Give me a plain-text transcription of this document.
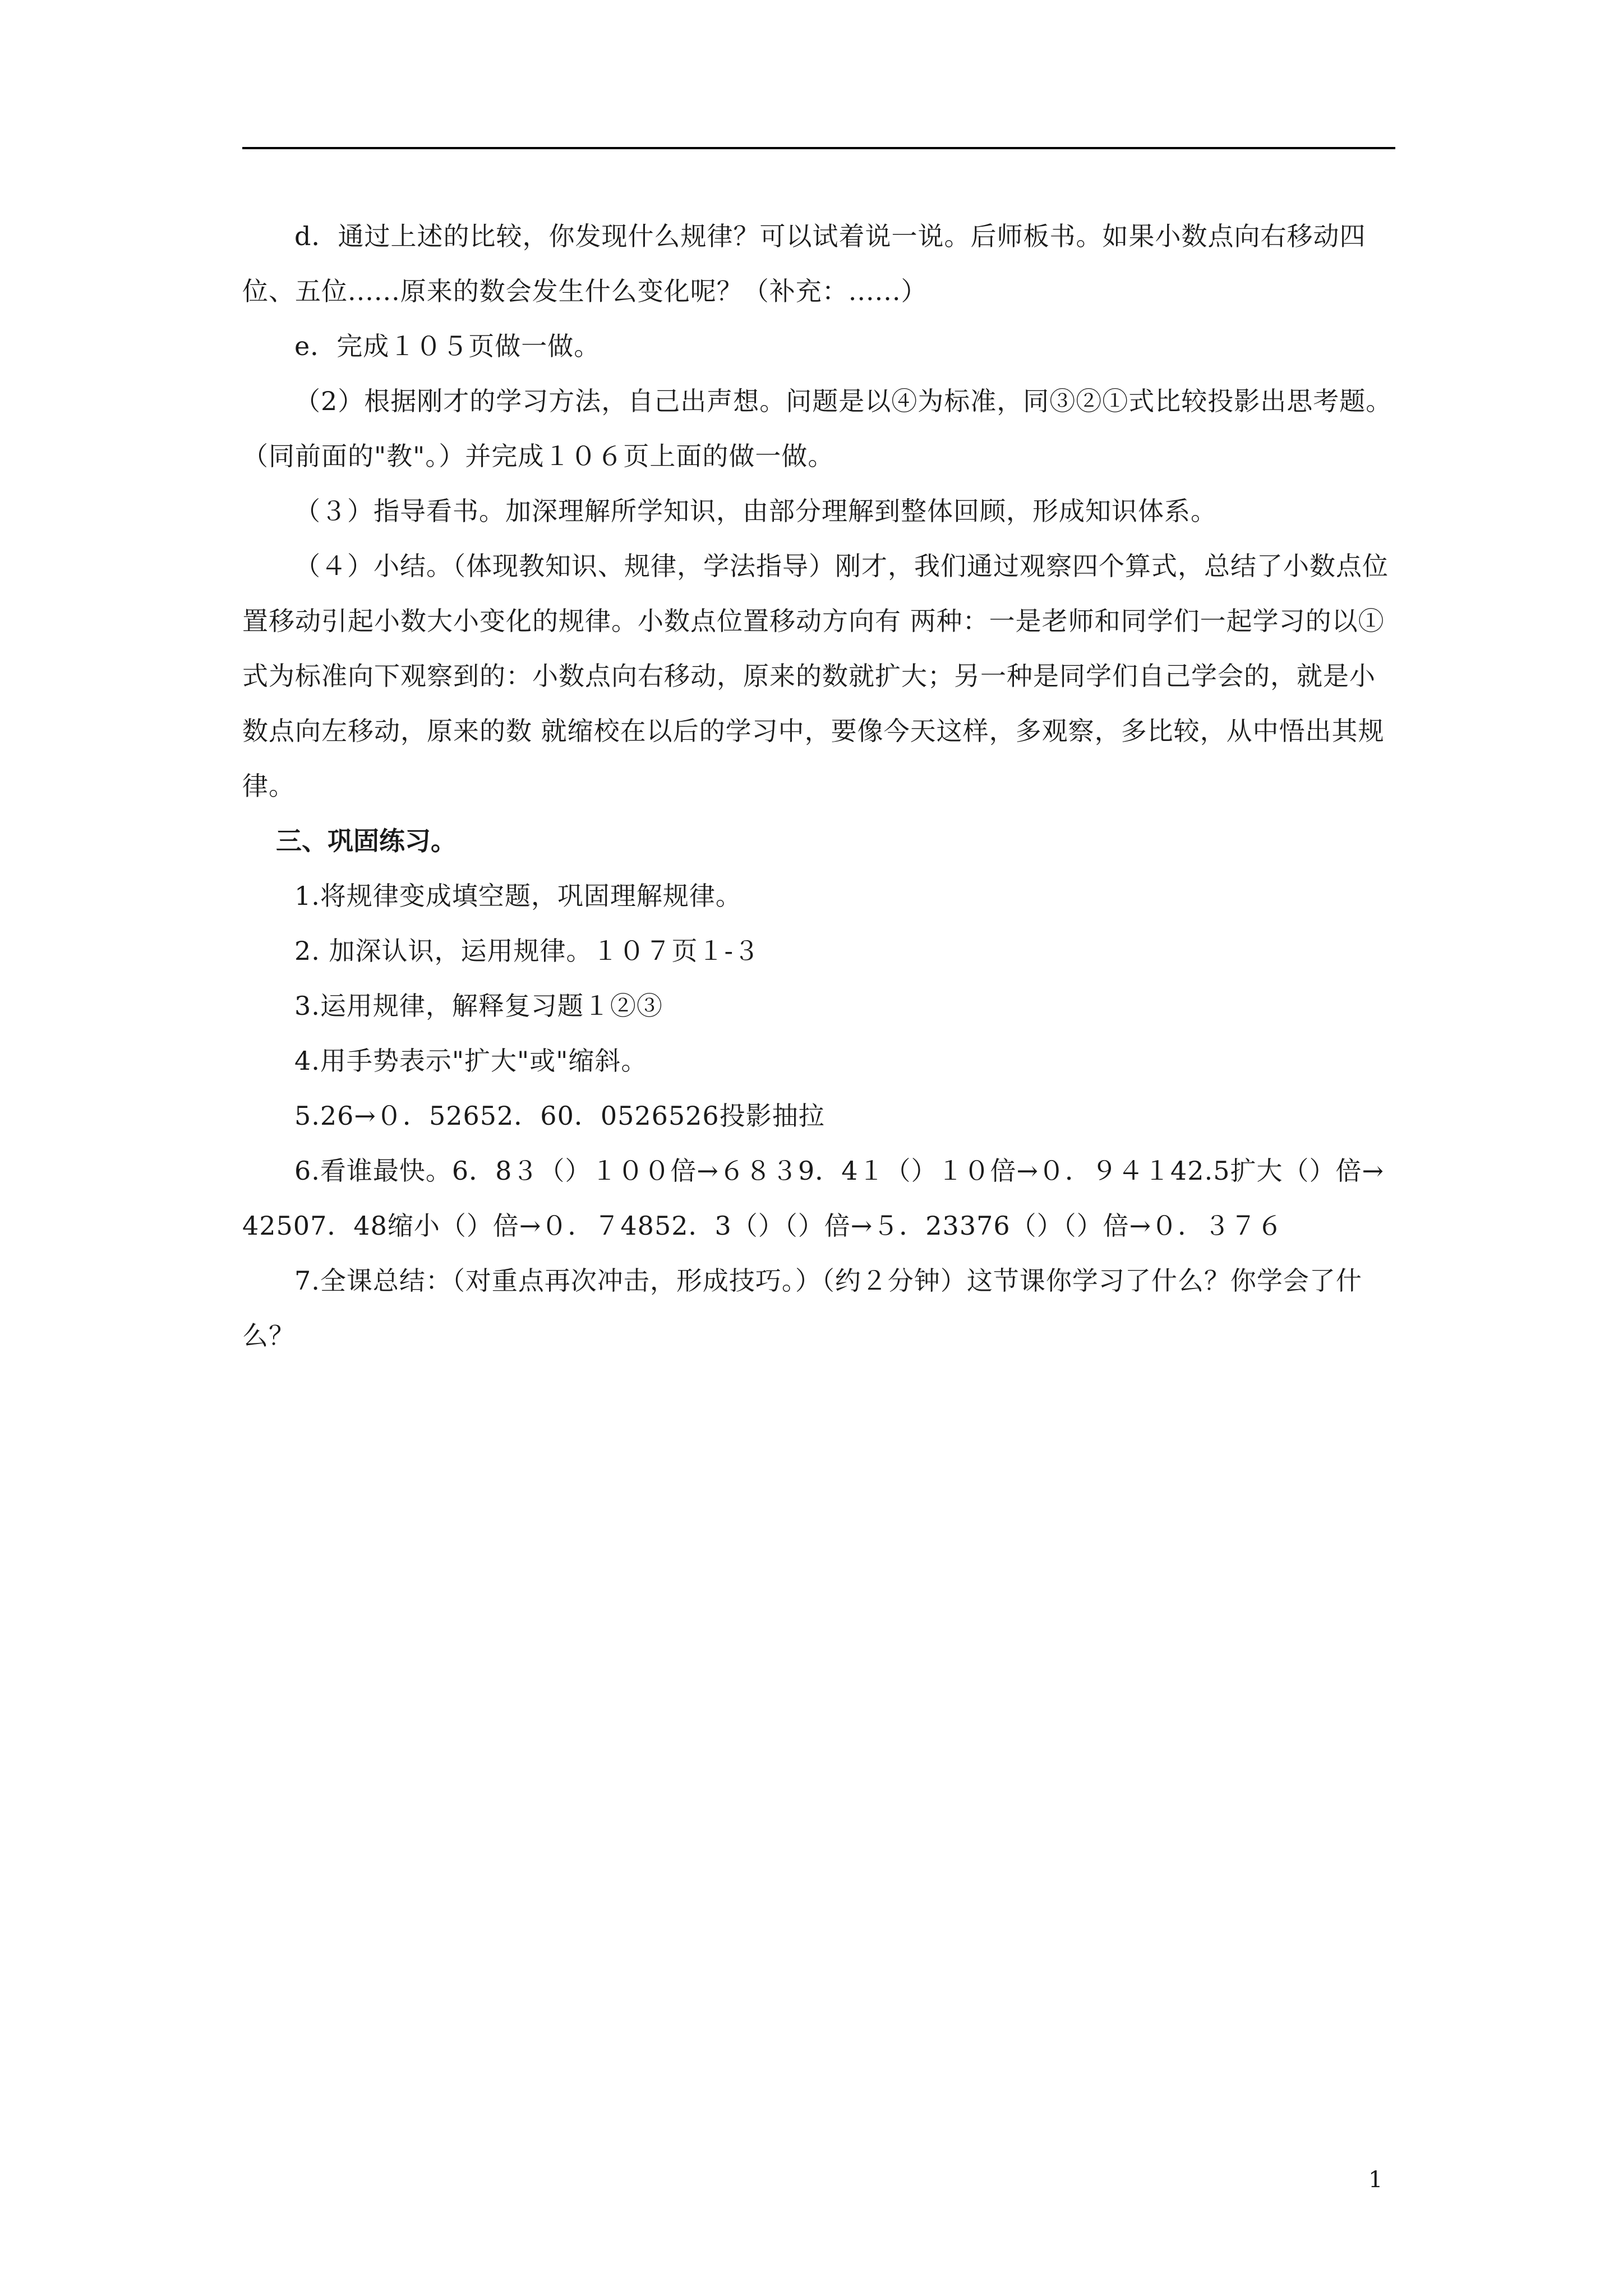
d．通过上述的比较，你发现什么规律？可以试着说一说。后师板书。如果小数点向右移动四位、五位......原来的数会发生什么变化呢？（补充：......）

e．完成１０５页做一做。

（2）根据刚才的学习方法，自己出声想。问题是以④为标准，同③②①式比较投影出思考题。（同前面的"教"。）并完成１０６页上面的做一做。

（３）指导看书。加深理解所学知识，由部分理解到整体回顾，形成知识体系。

（４）小结。（体现教知识、规律，学法指导）刚才，我们通过观察四个算式，总结了小数点位置移动引起小数大小变化的规律。小数点位置移动方向有 两种：一是老师和同学们一起学习的以①式为标准向下观察到的：小数点向右移动，原来的数就扩大；另一种是同学们自己学会的，就是小数点向左移动，原来的数 就缩校在以后的学习中，要像今天这样，多观察，多比较，从中悟出其规律。

三、巩固练习。

1.将规律变成填空题，巩固理解规律。

2. 加深认识，运用规律。１０７页１-３

3.运用规律，解释复习题１②③

4.用手势表示"扩大"或"缩斜。

5.26→０．52652．60．0526526投影抽拉

6.看谁最快。6．8３（）１００倍→６８３9．4１（）１０倍→０．９４１42.5扩大（）倍→42507．48缩小（）倍→０．７4852．3（）（）倍→５．23376（）（）倍→０．３７６

7.全课总结：（对重点再次冲击，形成技巧。）（约２分钟）这节课你学习了什么？你学会了什么？

1
